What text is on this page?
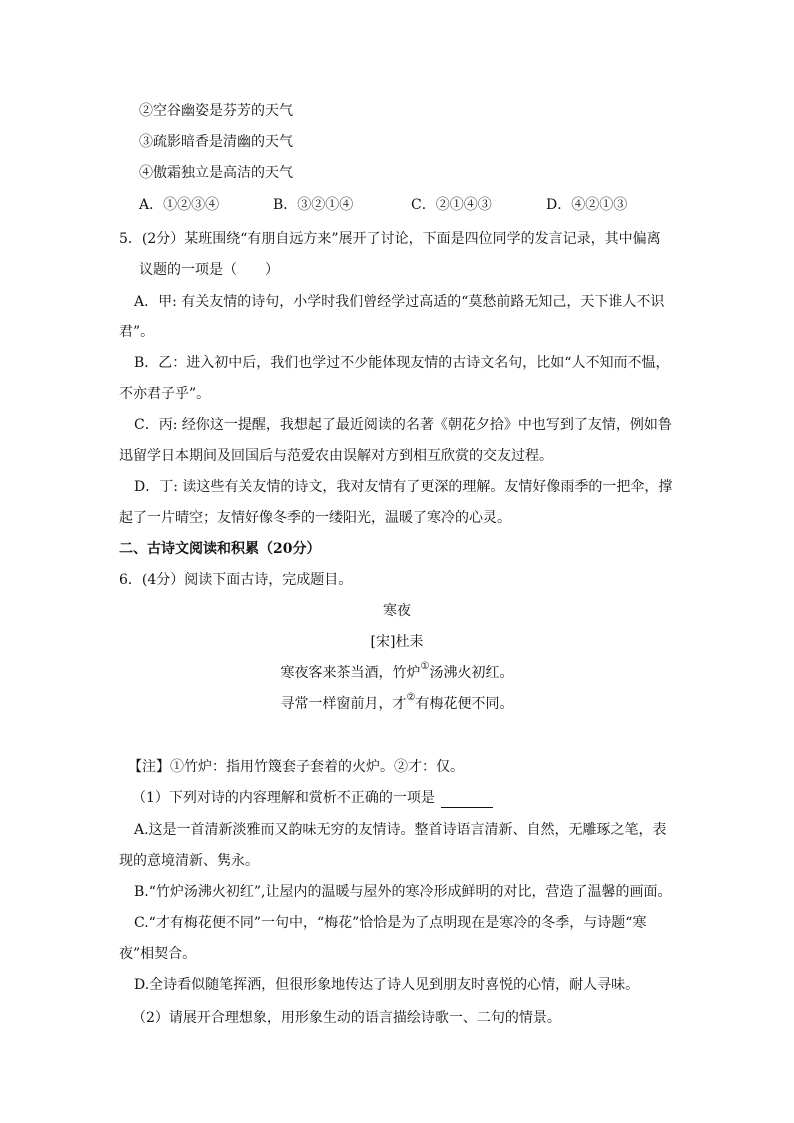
②空谷幽姿是芬芳的天气
③疏影暗香是清幽的天气
④傲霜独立是高洁的天气
A．①②③④	B．③②①④	C．②①④③	D．④②①③
5．(2分）某班围绕“有朋自远方来”展开了讨论，下面是四位同学的发言记录，其中偏离
议题的一项是（　　）
A．甲: 有关友情的诗句，小学时我们曾经学过高适的“莫愁前路无知己，天下谁人不识
君”。
B．乙：进入初中后，我们也学过不少能体现友情的古诗文名句，比如“人不知而不愠，
不亦君子乎”。
C．丙: 经你这一提醒，我想起了最近阅读的名著《朝花夕拾》中也写到了友情，例如鲁
迅留学日本期间及回国后与范爱农由误解对方到相互欣赏的交友过程。
D．丁: 读这些有关友情的诗文，我对友情有了更深的理解。友情好像雨季的一把伞，撑
起了一片晴空；友情好像冬季的一缕阳光，温暖了寒冷的心灵。
二、古诗文阅读和积累（20分）
6．(4分）阅读下面古诗，完成题目。
寒夜
[宋]杜耒
寒夜客来茶当酒，竹炉①汤沸火初红。
寻常一样窗前月，才②有梅花便不同。
【注】①竹炉：指用竹篾套子套着的火炉。②才：仅。
（1）下列对诗的内容理解和赏析不正确的一项是
A.这是一首清新淡雅而又韵味无穷的友情诗。整首诗语言清新、自然，无雕琢之笔，表
现的意境清新、隽永。
B.“竹炉汤沸火初红”,让屋内的温暖与屋外的寒冷形成鲜明的对比，营造了温馨的画面。
C.“才有梅花便不同”一句中，“梅花”恰恰是为了点明现在是寒冷的冬季，与诗题“寒
夜”相契合。
D.全诗看似随笔挥洒，但很形象地传达了诗人见到朋友时喜悦的心情，耐人寻味。
（2）请展开合理想象，用形象生动的语言描绘诗歌一、二句的情景。
